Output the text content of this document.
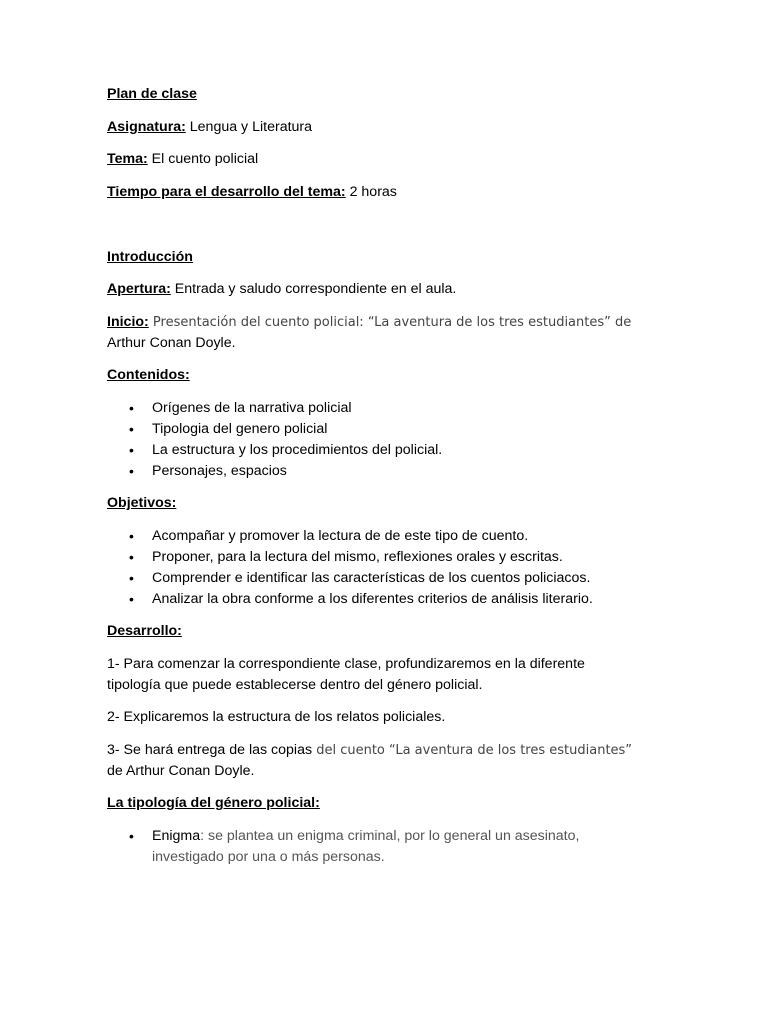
Plan de clase

Asignatura: Lengua y Literatura

Tema: El cuento policial

Tiempo para el desarrollo del tema: 2 horas

Introducción

Apertura: Entrada y saludo correspondiente en el aula.

Inicio: Presentación del cuento policial: “La aventura de los tres estudiantes” de
Arthur Conan Doyle.

Contenidos:

• Orígenes de la narrativa policial
• Tipologia del genero policial
• La estructura y los procedimientos del policial.
• Personajes, espacios

Objetivos:

• Acompañar y promover la lectura de de este tipo de cuento.
• Proponer, para la lectura del mismo, reflexiones orales y escritas.
• Comprender e identificar las características de los cuentos policiacos.
• Analizar la obra conforme a los diferentes criterios de análisis literario.

Desarrollo:

1- Para comenzar la correspondiente clase, profundizaremos en la diferente
tipología que puede establecerse dentro del género policial.

2- Explicaremos la estructura de los relatos policiales.

3- Se hará entrega de las copias del cuento “La aventura de los tres estudiantes”
de Arthur Conan Doyle.

La tipología del género policial:

• Enigma: se plantea un enigma criminal, por lo general un asesinato,
investigado por una o más personas.
